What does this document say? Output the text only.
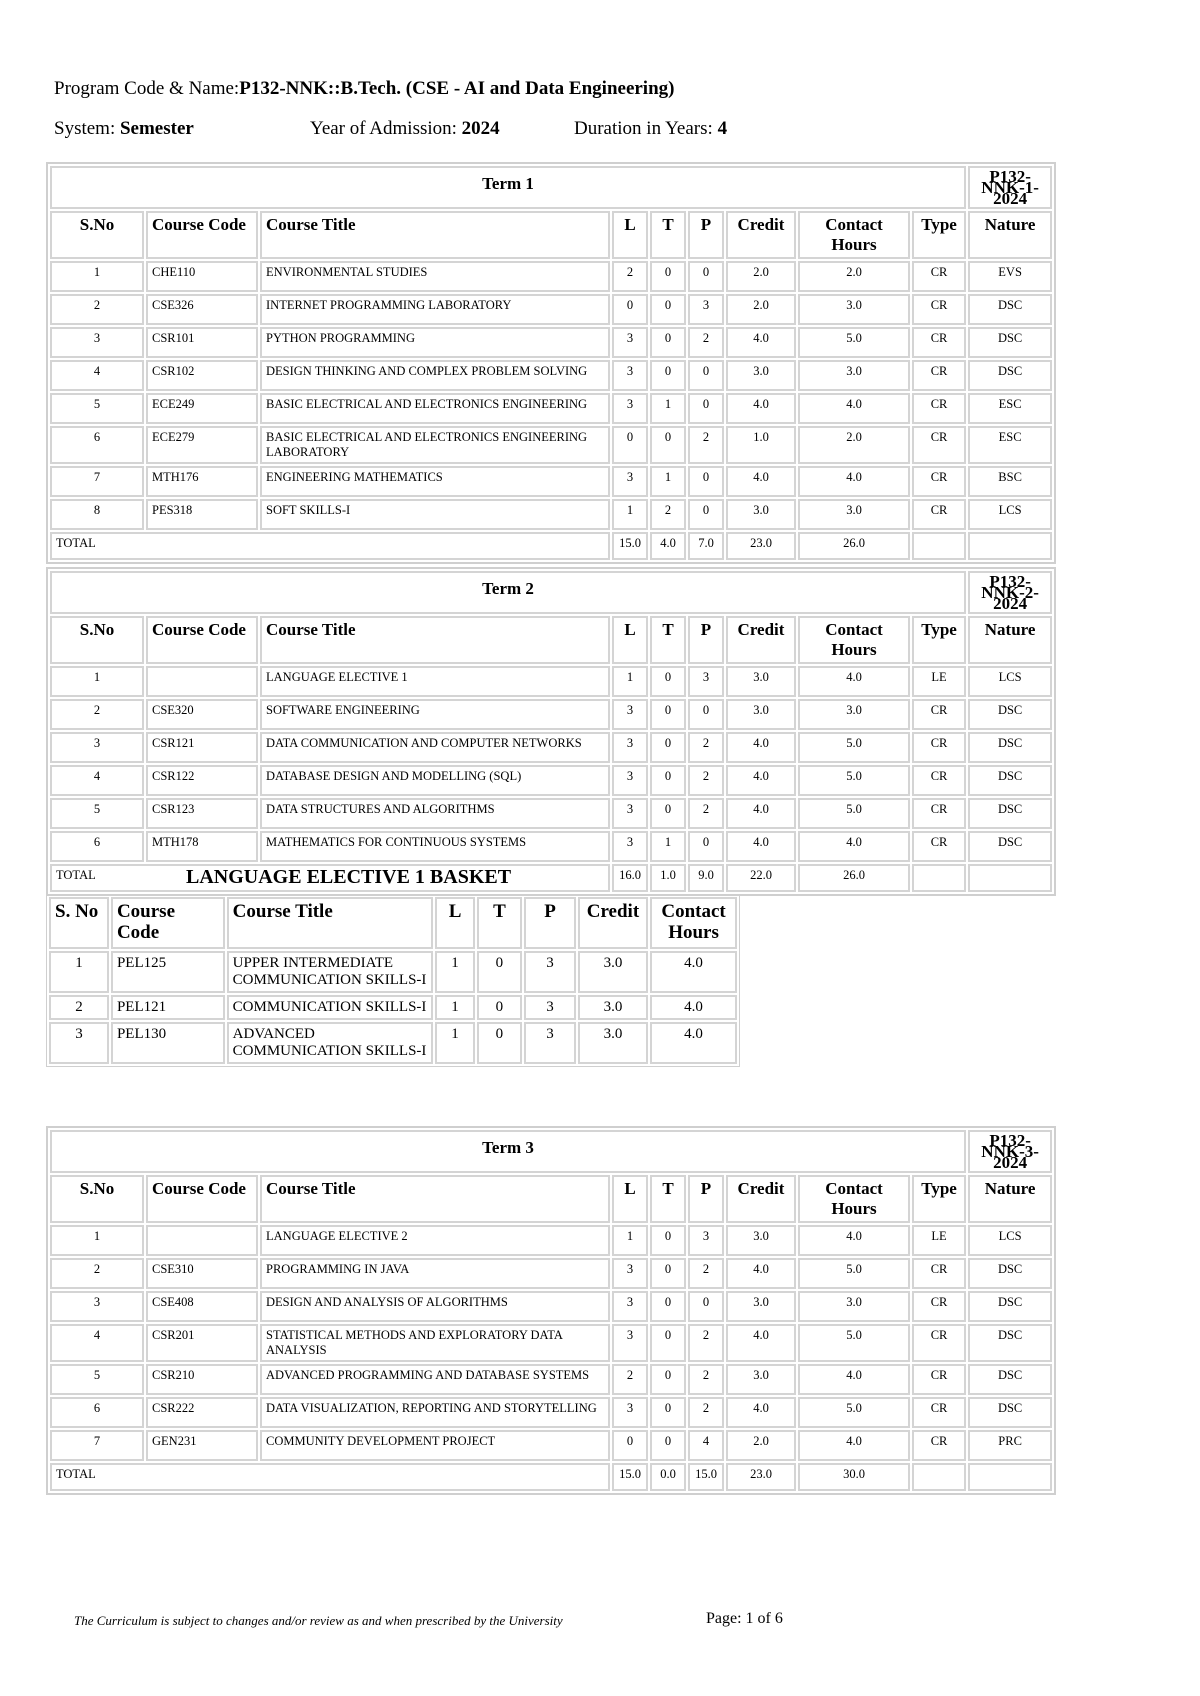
Program Code & Name:P132-NNK::B.Tech. (CSE - AI and Data Engineering)
System: Semester	Year of Admission: 2024	Duration in Years: 4
Term 1									P132-NNK-1-2024
S.No	Course Code	Course Title	L	T	P	Credit	Contact Hours	Type	Nature
1	CHE110	ENVIRONMENTAL STUDIES	2	0	0	2.0	2.0	CR	EVS
2	CSE326	INTERNET PROGRAMMING LABORATORY	0	0	3	2.0	3.0	CR	DSC
3	CSR101	PYTHON PROGRAMMING	3	0	2	4.0	5.0	CR	DSC
4	CSR102	DESIGN THINKING AND COMPLEX PROBLEM SOLVING	3	0	0	3.0	3.0	CR	DSC
5	ECE249	BASIC ELECTRICAL AND ELECTRONICS ENGINEERING	3	1	0	4.0	4.0	CR	ESC
6	ECE279	BASIC ELECTRICAL AND ELECTRONICS ENGINEERING LABORATORY	0	0	2	1.0	2.0	CR	ESC
7	MTH176	ENGINEERING MATHEMATICS	3	1	0	4.0	4.0	CR	BSC
8	PES318	SOFT SKILLS-I	1	2	0	3.0	3.0	CR	LCS
TOTAL			15.0	4.0	7.0	23.0	26.0		
Term 2									P132-NNK-2-2024
S.No	Course Code	Course Title	L	T	P	Credit	Contact Hours	Type	Nature
1		LANGUAGE ELECTIVE 1	1	0	3	3.0	4.0	LE	LCS
2	CSE320	SOFTWARE ENGINEERING	3	0	0	3.0	3.0	CR	DSC
3	CSR121	DATA COMMUNICATION AND COMPUTER NETWORKS	3	0	2	4.0	5.0	CR	DSC
4	CSR122	DATABASE DESIGN AND MODELLING (SQL)	3	0	2	4.0	5.0	CR	DSC
5	CSR123	DATA STRUCTURES AND ALGORITHMS	3	0	2	4.0	5.0	CR	DSC
6	MTH178	MATHEMATICS FOR CONTINUOUS SYSTEMS	3	1	0	4.0	4.0	CR	DSC
TOTAL			16.0	1.0	9.0	22.0	26.0		
Term 3									P132-NNK-3-2024
S.No	Course Code	Course Title	L	T	P	Credit	Contact Hours	Type	Nature
1		LANGUAGE ELECTIVE 2	1	0	3	3.0	4.0	LE	LCS
2	CSE310	PROGRAMMING IN JAVA	3	0	2	4.0	5.0	CR	DSC
3	CSE408	DESIGN AND ANALYSIS OF ALGORITHMS	3	0	0	3.0	3.0	CR	DSC
4	CSR201	STATISTICAL METHODS AND EXPLORATORY DATA ANALYSIS	3	0	2	4.0	5.0	CR	DSC
5	CSR210	ADVANCED PROGRAMMING AND DATABASE SYSTEMS	2	0	2	3.0	4.0	CR	DSC
6	CSR222	DATA VISUALIZATION, REPORTING AND STORYTELLING	3	0	2	4.0	5.0	CR	DSC
7	GEN231	COMMUNITY DEVELOPMENT PROJECT	0	0	4	2.0	4.0	CR	PRC
TOTAL			15.0	0.0	15.0	23.0	30.0		
LANGUAGE ELECTIVE 1 BASKET
S. No	Course Code	Course Title	L	T	P	Credit	Contact Hours
1	PEL125	UPPER INTERMEDIATE COMMUNICATION SKILLS-I	1	0	3	3.0	4.0
2	PEL121	COMMUNICATION SKILLS-I	1	0	3	3.0	4.0
3	PEL130	ADVANCED COMMUNICATION SKILLS-I	1	0	3	3.0	4.0
The Curriculum is subject to changes and/or review as and when prescribed by the University	Page: 1 of 6
